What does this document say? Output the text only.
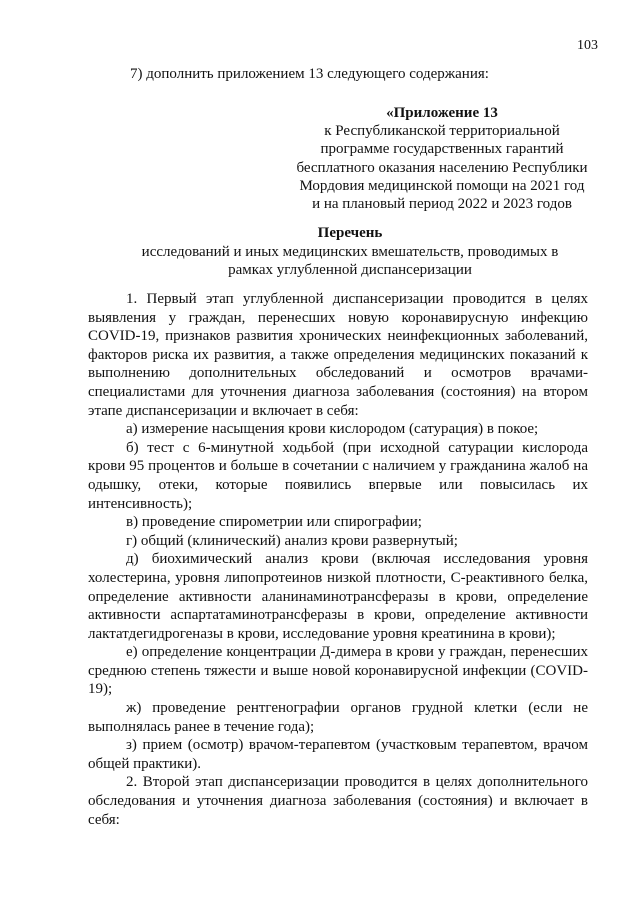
103
7) дополнить приложением 13 следующего содержания:
«Приложение 13
к Республиканской территориальной
программе государственных гарантий
бесплатного оказания населению Республики
Мордовия медицинской помощи на 2021 год
и на плановый период 2022 и 2023 годов
Перечень
исследований и иных медицинских вмешательств, проводимых в
рамках углубленной диспансеризации

1. Первый этап углубленной диспансеризации проводится в целях выявления у граждан, перенесших новую коронавирусную инфекцию COVID-19, признаков развития хронических неинфекционных заболеваний, факторов риска их развития, а также определения медицинских показаний к выполнению дополнительных обследований и осмотров врачами-специалистами для уточнения диагноза заболевания (состояния) на втором этапе диспансеризации и включает в себя:

а) измерение насыщения крови кислородом (сатурация) в покое;

б) тест с 6-минутной ходьбой (при исходной сатурации кислорода крови 95 процентов и больше в сочетании с наличием у гражданина жалоб на одышку, отеки, которые появились впервые или повысилась их интенсивность);

в) проведение спирометрии или спирографии;

г) общий (клинический) анализ крови развернутый;

д) биохимический анализ крови (включая исследования уровня холестерина, уровня липопротеинов низкой плотности, С-реактивного белка, определение активности аланинаминотрансферазы в крови, определение активности аспартатаминотрансферазы в крови, определение активности лактатдегидрогеназы в крови, исследование уровня креатинина в крови);

е) определение концентрации Д-димера в крови у граждан, перенесших среднюю степень тяжести и выше новой коронавирусной инфекции (COVID-19);

ж) проведение рентгенографии органов грудной клетки (если не выполнялась ранее в течение года);

з) прием (осмотр) врачом-терапевтом (участковым терапевтом, врачом общей практики).

2. Второй этап диспансеризации проводится в целях дополнительного обследования и уточнения диагноза заболевания (состояния) и включает в себя:
